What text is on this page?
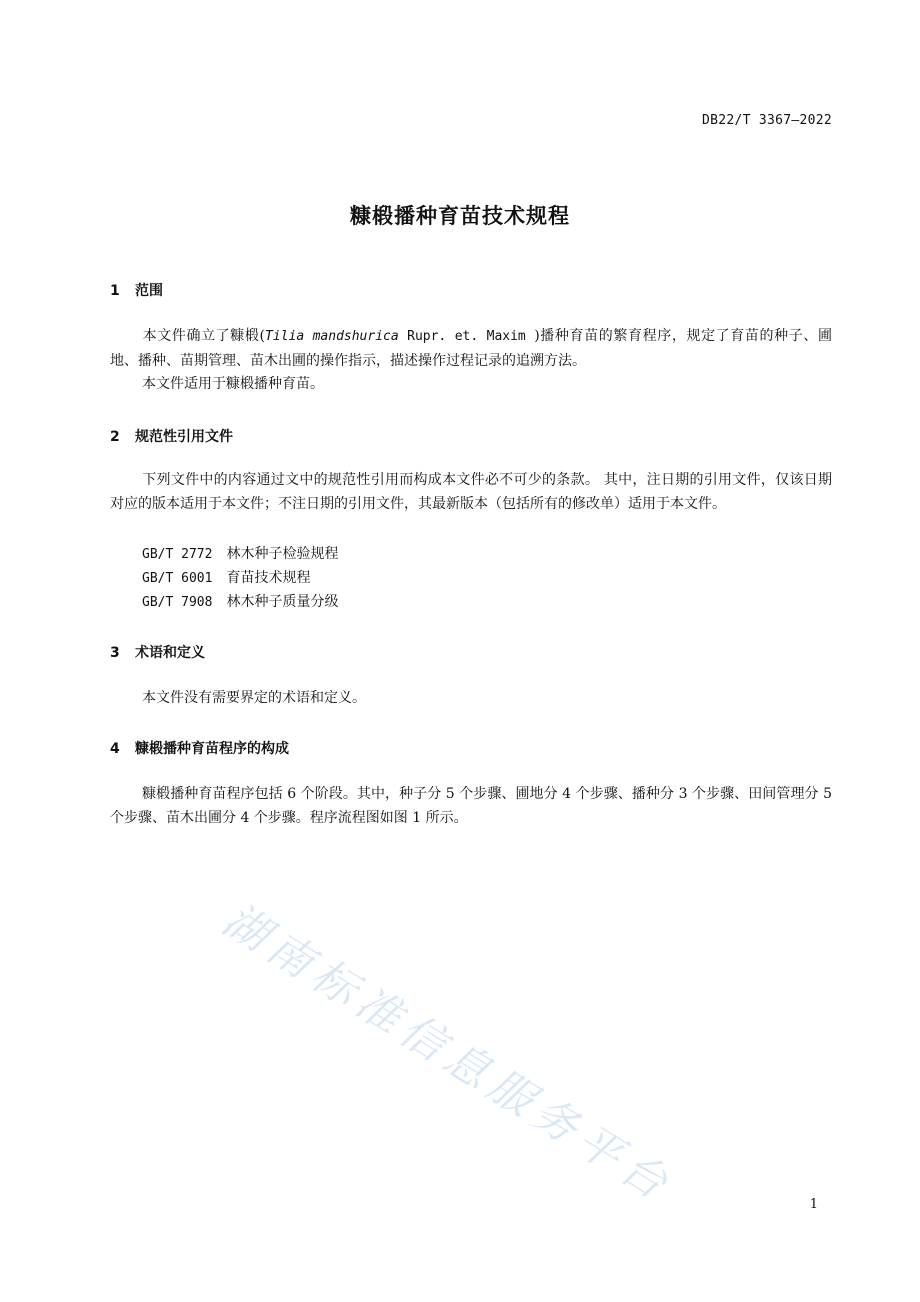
DB22/T 3367—2022
糠椴播种育苗技术规程
1 范围
本文件确立了糠椴(Tilia mandshurica Rupr. et. Maxim )播种育苗的繁育程序，规定了育苗的种子、圃地、播种、苗期管理、苗木出圃的操作指示，描述操作过程记录的追溯方法。
本文件适用于糠椴播种育苗。
2 规范性引用文件
下列文件中的内容通过文中的规范性引用而构成本文件必不可少的条款。 其中，注日期的引用文件，仅该日期对应的版本适用于本文件；不注日期的引用文件，其最新版本（包括所有的修改单）适用于本文件。
GB/T 2772 林木种子检验规程
GB/T 6001 育苗技术规程
GB/T 7908 林木种子质量分级
3 术语和定义
本文件没有需要界定的术语和定义。
4 糠椴播种育苗程序的构成
糠椴播种育苗程序包括 6 个阶段。其中，种子分 5 个步骤、圃地分 4 个步骤、播种分 3 个步骤、田间管理分 5 个步骤、苗木出圃分 4 个步骤。程序流程图如图 1 所示。
湖南标准信息服务平台	1
